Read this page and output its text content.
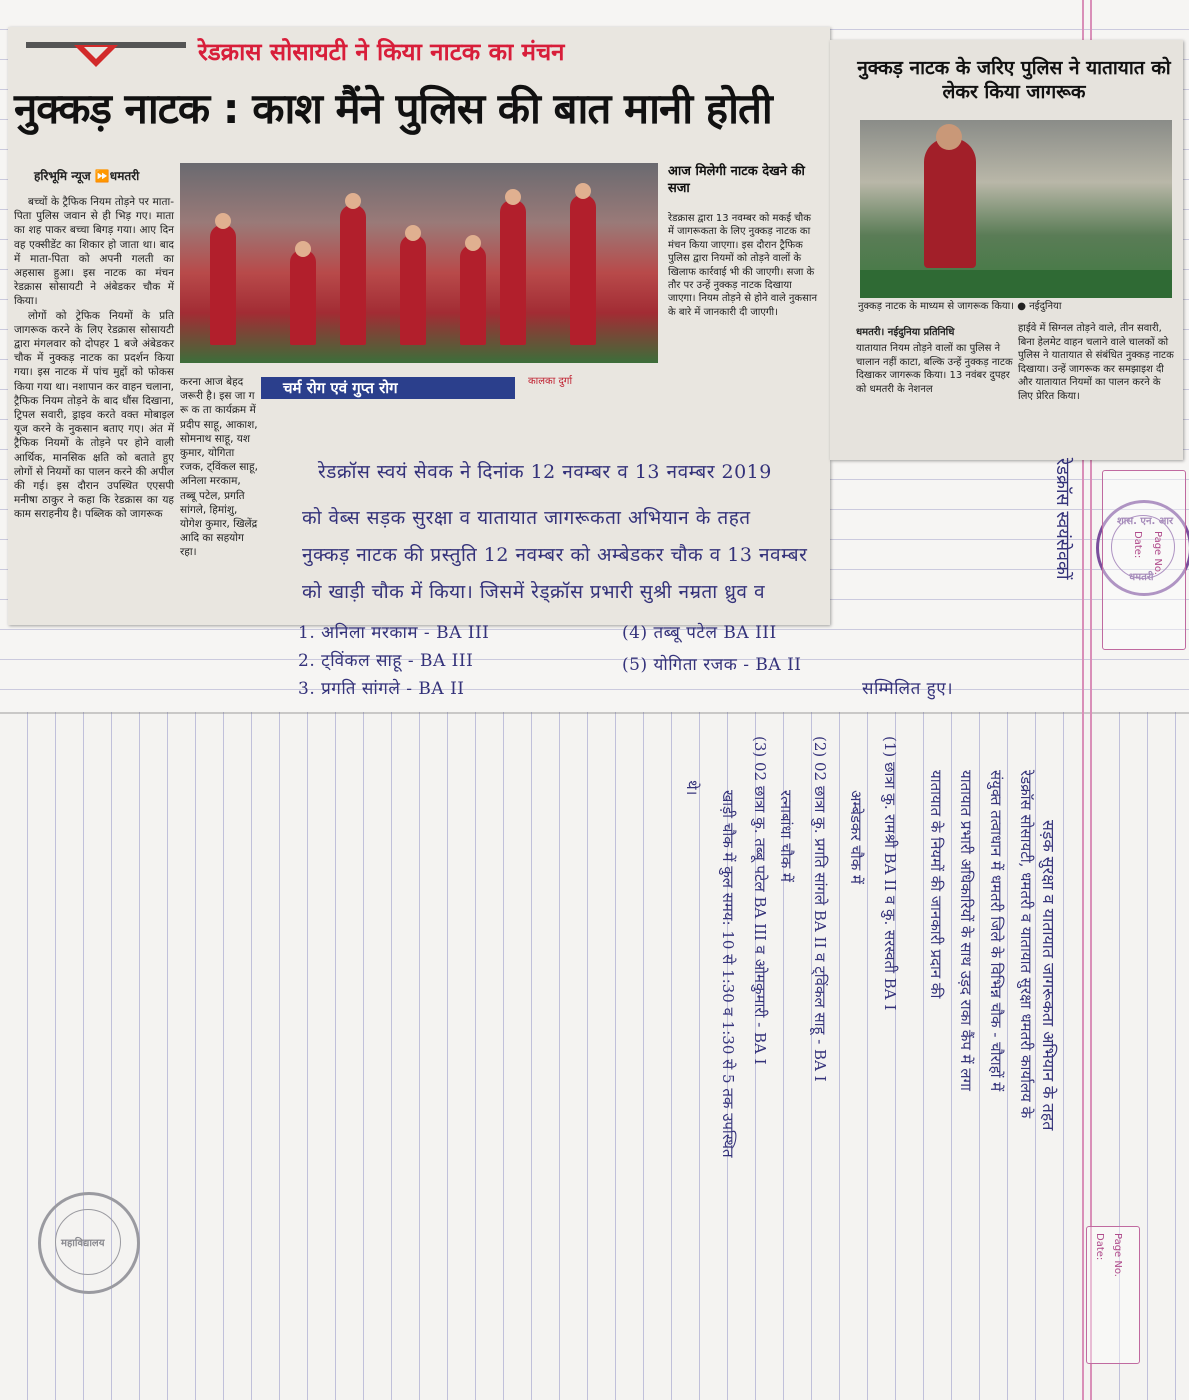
रेडक्रास सोसायटी ने किया नाटक का मंचन
नुक्कड़ नाटक : काश मैंने पुलिस की बात मानी होती
हरिभूमि न्यूज ⏩धमतरी

बच्चों के ट्रैफिक नियम तोड़ने पर माता-पिता पुलिस जवान से ही भिड़ गए। माता का शह पाकर बच्चा बिगड़ गया। आए दिन वह एक्सीडेंट का शिकार हो जाता था। बाद में माता-पिता को अपनी गलती का अहसास हुआ। इस नाटक का मंचन रेडक्रास सोसायटी ने अंबेडकर चौक में किया।

लोगों को ट्रेफिक नियमों के प्रति जागरूक करने के लिए रेडक्रास सोसायटी द्वारा मंगलवार को दोपहर 1 बजे अंबेडकर चौक में नुक्कड़ नाटक का प्रदर्शन किया गया। इस नाटक में पांच मुद्दों को फोकस किया गया था। नशापान कर वाहन चलाना, ट्रैफिक नियम तोड़ने के बाद धौंस दिखाना, ट्रिपल सवारी, ड्राइव करते वक्त मोबाइल यूज करने के नुकसान बताए गए। अंत में ट्रैफिक नियमों के तोड़ने पर होने वाली आर्थिक, मानसिक क्षति को बताते हुए लोगों से नियमों का पालन करने की अपील की गई। इस दौरान उपस्थित एएसपी मनीषा ठाकुर ने कहा कि रेडक्रास का यह काम सराहनीय है। पब्लिक को जागरूक

करना आज बेहद जरूरी है। इस जा ग रू क ता कार्यक्रम में प्रदीप साहू, आकाश, सोमनाथ साहू, यश कुमार, योगिता रजक, ट्विंकल साहू, अनिला मरकाम, तब्बू पटेल, प्रगति सांगले, हिमांशु, योगेश कुमार, खिलेंद्र आदि का सहयोग रहा।
आज मिलेगी नाटक देखने की सजा
रेडक्रास द्वारा 13 नवम्बर को मकई चौक में जागरूकता के लिए नुक्कड़ नाटक का मंचन किया जाएगा। इस दौरान ट्रैफिक पुलिस द्वारा नियमों को तोड़ने वालों के खिलाफ कार्रवाई भी की जाएगी। सजा के तौर पर उन्हें नुक्कड़ नाटक दिखाया जाएगा। नियम तोड़ने से होने वाले नुकसान के बारे में जानकारी दी जाएगी।
चर्म रोग एवं गुप्त रोग	कालका दुर्गा
नुक्कड़ नाटक के जरिए पुलिस ने यातायात को लेकर किया जागरूक
नुक्कड़ नाटक के माध्यम से जागरूक किया। ● नईदुनिया
धमतरी। नईदुनिया प्रतिनिधि
यातायात नियम तोड़ने वालों का पुलिस ने चालान नहीं काटा, बल्कि उन्हें नुक्कड़ नाटक दिखाकर जागरूक किया। 13 नवंबर दुपहर को धमतरी के नेशनल
हाईवे में सिग्नल तोड़ने वाले, तीन सवारी, बिना हेलमेट वाहन चलाने वाले चालकों को पुलिस ने यातायात से संबंधित नुक्कड़ नाटक दिखाया। उन्हें जागरूक कर समझाइश दी और यातायात नियमों का पालन करने के लिए प्रेरित किया।
रेडक्रॉस स्वयं सेवक ने दिनांक 12 नवम्बर व 13 नवम्बर 2019
को वेब्स सड़क सुरक्षा व यातायात जागरूकता अभियान के तहत
नुक्कड़ नाटक की प्रस्तुति 12 नवम्बर को अम्बेडकर चौक व 13 नवम्बर
को खाड़ी चौक में किया। जिसमें रेड्क्रॉस प्रभारी सुश्री नम्रता ध्रुव व
1. अनिला मरकाम - BA III
2. ट्विंकल साहू - BA III
3. प्रगति सांगले - BA II
(4) तब्बू पटेल BA III
(5) योगिता रजक - BA II
सम्मिलित हुए।
रेडक्रॉस स्वयंसेवकों
सड़क सुरक्षा व यातायात जागरूकता अभियान के तहत
रेडक्रॉस सोसायटी, धमतरी व यातायात सुरक्षा धमतरी कार्यालय के
संयुक्त तत्वाधान में धमतरी जिले के विभिन्न चौक - चौराहों में
यातायात प्रभारी अधिकारियों के साथ उड़द राका कैंप में लगा
यातायात के नियमों की जानकारी प्रदान की
(1) छात्रा कु. रामश्री BA II व कु. सरस्वती BA I
अम्बेडकर चौक में
(2) 02 छात्रा कु. प्रगति सांगले BA II व ट्विंकल साहू - BA I
रत्नाबांधा चौक में
(3) 02 छात्रा कु. तब्बू पटेल BA III व ओमकुमारी - BA I
खाड़ी चौक में कुल समय: 10 से 1:30 व 1:30 से 5 तक उपस्थित
थे।
शास. एन. आर
धमतरी
महाविद्यालय
Page No.
Date:
Page No.
Date:
